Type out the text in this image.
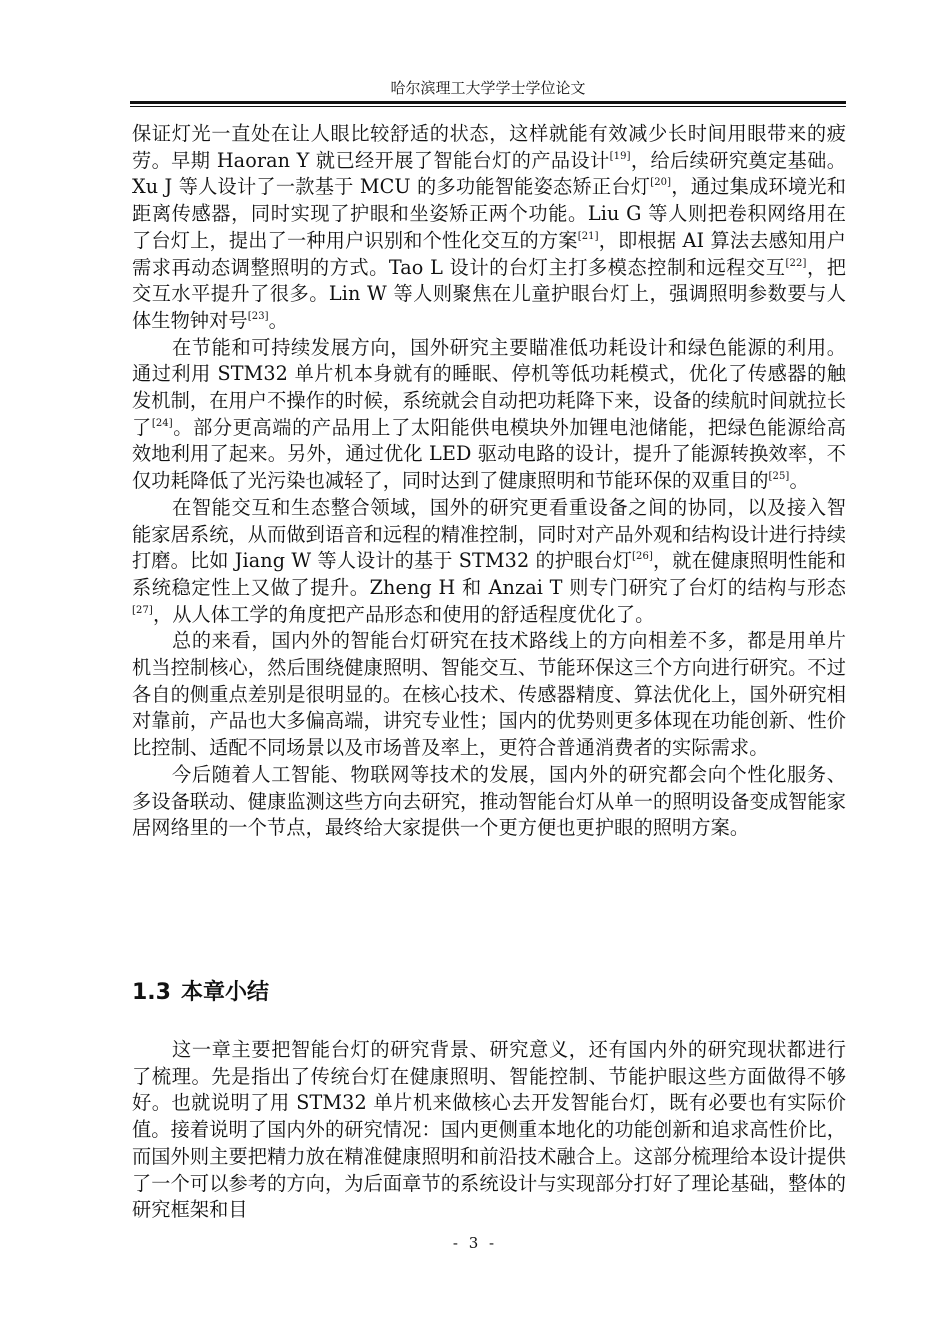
哈尔滨理工大学学士学位论文

保证灯光一直处在让人眼比较舒适的状态，这样就能有效减少长时间用眼带来的疲劳。早期 Haoran Y 就已经开展了智能台灯的产品设计[19]，给后续研究奠定基础。Xu J 等人设计了一款基于 MCU 的多功能智能姿态矫正台灯[20]，通过集成环境光和距离传感器，同时实现了护眼和坐姿矫正两个功能。Liu G 等人则把卷积网络用在了台灯上，提出了一种用户识别和个性化交互的方案[21]，即根据 AI 算法去感知用户需求再动态调整照明的方式。Tao L 设计的台灯主打多模态控制和远程交互[22]，把交互水平提升了很多。Lin W 等人则聚焦在儿童护眼台灯上，强调照明参数要与人体生物钟对号[23]。

在节能和可持续发展方向，国外研究主要瞄准低功耗设计和绿色能源的利用。通过利用 STM32 单片机本身就有的睡眠、停机等低功耗模式，优化了传感器的触发机制，在用户不操作的时候，系统就会自动把功耗降下来，设备的续航时间就拉长了[24]。部分更高端的产品用上了太阳能供电模块外加锂电池储能，把绿色能源给高效地利用了起来。另外，通过优化 LED 驱动电路的设计，提升了能源转换效率，不仅功耗降低了光污染也减轻了，同时达到了健康照明和节能环保的双重目的[25]。

在智能交互和生态整合领域，国外的研究更看重设备之间的协同，以及接入智能家居系统，从而做到语音和远程的精准控制，同时对产品外观和结构设计进行持续打磨。比如 Jiang W 等人设计的基于 STM32 的护眼台灯[26]，就在健康照明性能和系统稳定性上又做了提升。Zheng H 和 Anzai T 则专门研究了台灯的结构与形态[27]，从人体工学的角度把产品形态和使用的舒适程度优化了。

总的来看，国内外的智能台灯研究在技术路线上的方向相差不多，都是用单片机当控制核心，然后围绕健康照明、智能交互、节能环保这三个方向进行研究。不过各自的侧重点差别是很明显的。在核心技术、传感器精度、算法优化上，国外研究相对靠前，产品也大多偏高端，讲究专业性；国内的优势则更多体现在功能创新、性价比控制、适配不同场景以及市场普及率上，更符合普通消费者的实际需求。

今后随着人工智能、物联网等技术的发展，国内外的研究都会向个性化服务、多设备联动、健康监测这些方向去研究，推动智能台灯从单一的照明设备变成智能家居网络里的一个节点，最终给大家提供一个更方便也更护眼的照明方案。

1.3 本章小结

这一章主要把智能台灯的研究背景、研究意义，还有国内外的研究现状都进行了梳理。先是指出了传统台灯在健康照明、智能控制、节能护眼这些方面做得不够好。也就说明了用 STM32 单片机来做核心去开发智能台灯，既有必要也有实际价值。接着说明了国内外的研究情况：国内更侧重本地化的功能创新和追求高性价比，而国外则主要把精力放在精准健康照明和前沿技术融合上。这部分梳理给本设计提供了一个可以参考的方向，为后面章节的系统设计与实现部分打好了理论基础，整体的研究框架和目

- 3 -
